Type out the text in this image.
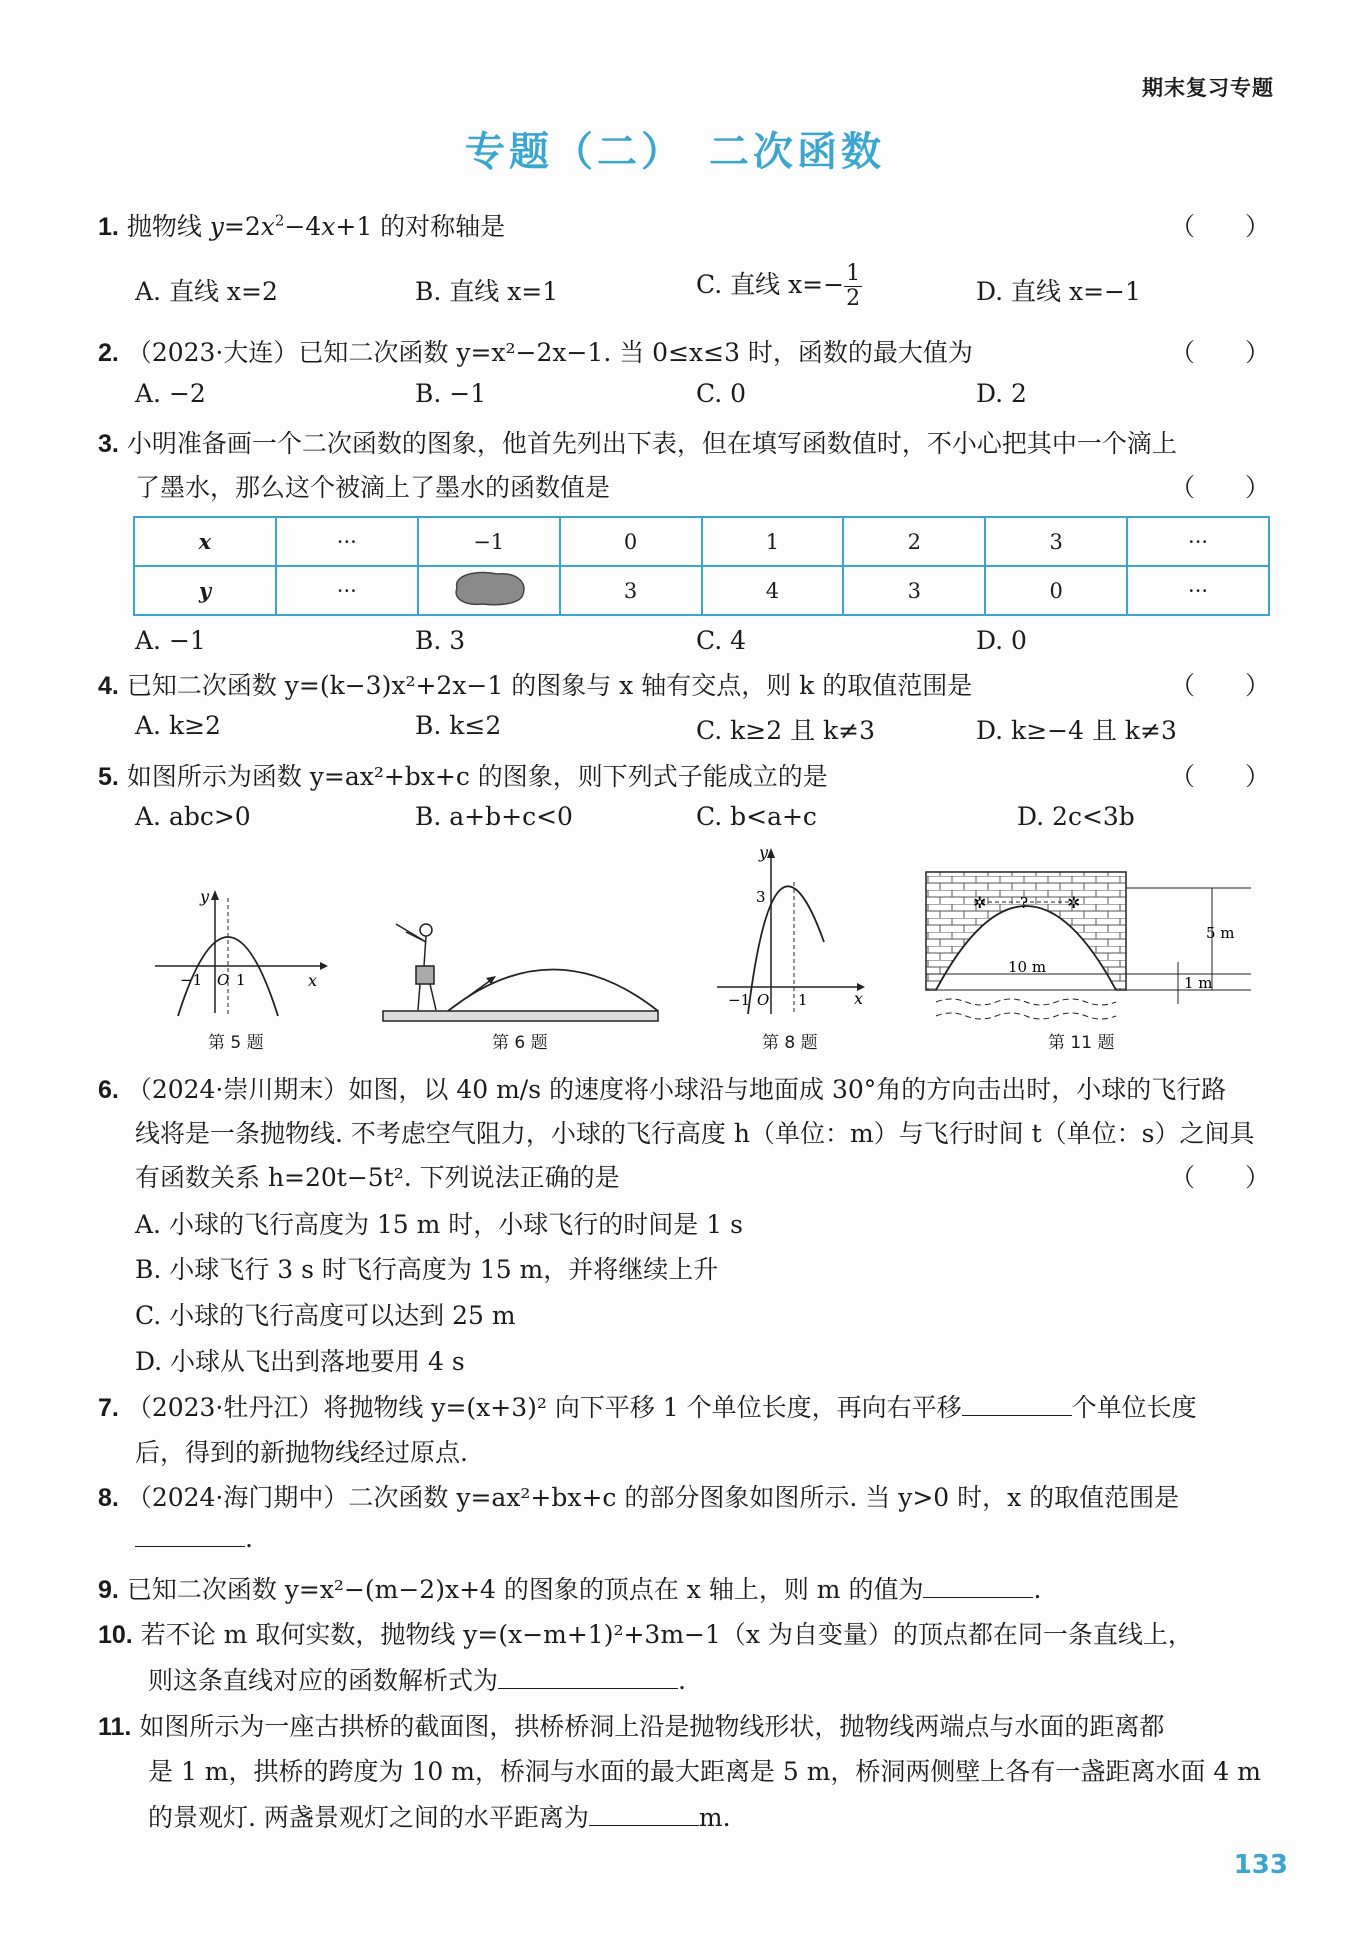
期末复习专题
专题（二）　二次函数
1. 抛物线 $y=2x^2-4x+1$ 的对称轴是	（　　）
A. 直线 x=2	B. 直线 x=1	C. 直线 $x=- \frac{1}{2}$	D. 直线 x=−1
2. （2023·大连）已知二次函数 y=x²−2x−1. 当 0≤x≤3 时，函数的最大值为	（　　）
A. −2	B. −1	C. 0	D. 2
3. 小明准备画一个二次函数的图象，他首先列出下表，但在填写函数值时，不小心把其中一个滴上
了墨水，那么这个被滴上了墨水的函数值是	（　　）
x	···	−1	0	1	2	3	···
y	···		3	4	3	0	···
A. −1	B. 3	C. 4	D. 0
4. 已知二次函数 y=(k−3)x²+2x−1 的图象与 x 轴有交点，则 k 的取值范围是	（　　）
A. k≥2	B. k≤2	C. k≥2 且 k≠3	D. k≥−4 且 k≠3
5. 如图所示为函数 y=ax²+bx+c 的图象，则下列式子能成立的是	（　　）
A. abc>0	B. a+b+c<0	C. b<a+c	D. 2c<3b
y
x
O
−1 1
第 5 题	第 6 题
y
x
3
O
−1	1
第 8 题
✲	✲
?
5 m
10 m
1 m
第 11 题
6. （2024·崇川期末）如图，以 40 m/s 的速度将小球沿与地面成 30°角的方向击出时，小球的飞行路
线将是一条抛物线. 不考虑空气阻力，小球的飞行高度 h（单位：m）与飞行时间 t（单位：s）之间具
有函数关系 h=20t−5t². 下列说法正确的是	（　　）
A. 小球的飞行高度为 15 m 时，小球飞行的时间是 1 s
B. 小球飞行 3 s 时飞行高度为 15 m，并将继续上升
C. 小球的飞行高度可以达到 25 m
D. 小球从飞出到落地要用 4 s
7. （2023·牡丹江）将抛物线 y=(x+3)² 向下平移 1 个单位长度，再向右平移	个单位长度
后，得到的新抛物线经过原点.
8. （2024·海门期中）二次函数 y=ax²+bx+c 的部分图象如图所示. 当 y>0 时，x 的取值范围是
.
9. 已知二次函数 y=x²−(m−2)x+4 的图象的顶点在 x 轴上，则 m 的值为	.
10. 若不论 m 取何实数，抛物线 y=(x−m+1)²+3m−1（x 为自变量）的顶点都在同一条直线上，
则这条直线对应的函数解析式为	.
11. 如图所示为一座古拱桥的截面图，拱桥桥洞上沿是抛物线形状，抛物线两端点与水面的距离都
是 1 m，拱桥的跨度为 10 m，桥洞与水面的最大距离是 5 m，桥洞两侧壁上各有一盏距离水面 4 m
的景观灯. 两盏景观灯之间的水平距离为	m.
133
